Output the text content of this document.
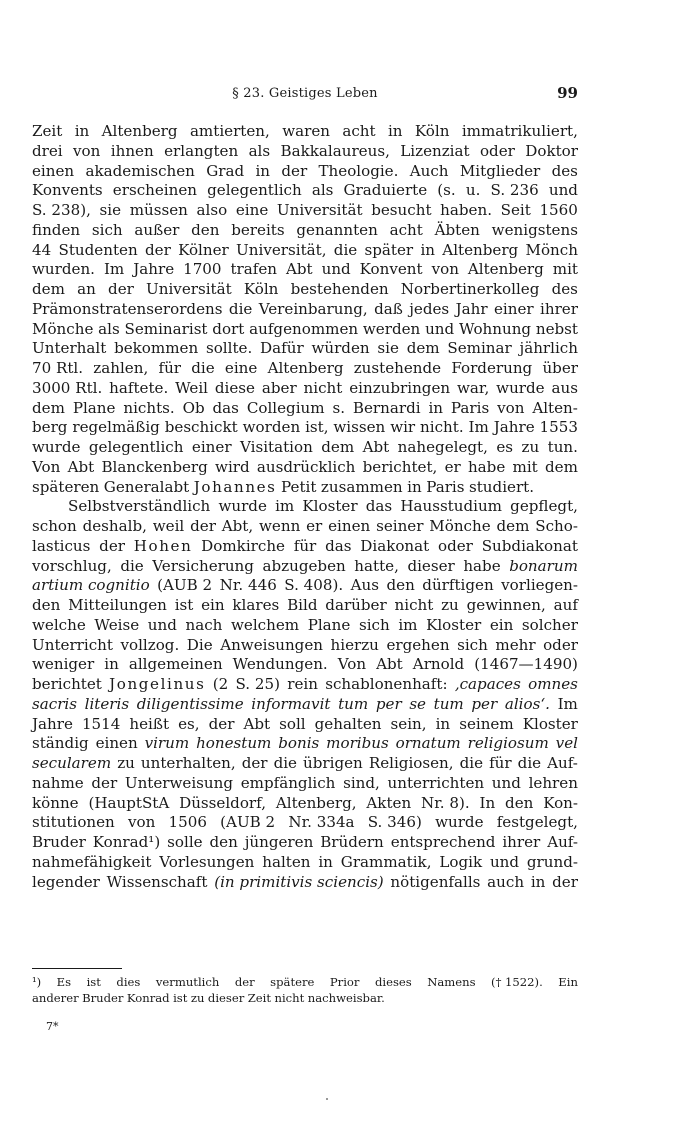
§ 23. Geistiges Leben	99
Zeit in Altenberg amtierten, waren acht in Köln immatrikuliert,
drei von ihnen erlangten als Bakkalaureus, Lizenziat oder Doktor
einen akademischen Grad in der Theologie. Auch Mitglieder des
Konvents erscheinen gelegentlich als Graduierte (s. u. S. 236 und
S. 238), sie müssen also eine Universität besucht haben. Seit 1560
finden sich außer den bereits genannten acht Äbten wenigstens
44 Studenten der Kölner Universität, die später in Altenberg Mönch
wurden. Im Jahre 1700 trafen Abt und Konvent von Altenberg mit
dem an der Universität Köln bestehenden Norbertinerkolleg des
Prämonstratenserordens die Vereinbarung, daß jedes Jahr einer ihrer
Mönche als Seminarist dort aufgenommen werden und Wohnung nebst
Unterhalt bekommen sollte. Dafür würden sie dem Seminar jährlich
70 Rtl. zahlen, für die eine Altenberg zustehende Forderung über
3000 Rtl. haftete. Weil diese aber nicht einzubringen war, wurde aus
dem Plane nichts. Ob das Collegium s. Bernardi in Paris von Alten-
berg regelmäßig beschickt worden ist, wissen wir nicht. Im Jahre 1553
wurde gelegentlich einer Visitation dem Abt nahegelegt, es zu tun.
Von Abt Blanckenberg wird ausdrücklich berichtet, er habe mit dem
späteren Generalabt Johannes Petit zusammen in Paris studiert.
Selbstverständlich wurde im Kloster das Hausstudium gepflegt,
schon deshalb, weil der Abt, wenn er einen seiner Mönche dem Scho-
lasticus der Hohen Domkirche für das Diakonat oder Subdiakonat
vorschlug, die Versicherung abzugeben hatte, dieser habe bonarum
artium cognitio (AUB 2 Nr. 446 S. 408). Aus den dürftigen vorliegen-
den Mitteilungen ist ein klares Bild darüber nicht zu gewinnen, auf
welche Weise und nach welchem Plane sich im Kloster ein solcher
Unterricht vollzog. Die Anweisungen hierzu ergehen sich mehr oder
weniger in allgemeinen Wendungen. Von Abt Arnold (1467—1490)
berichtet Jongelinus (2 S. 25) rein schablonenhaft: ‚capaces omnes
sacris literis diligentissime informavit tum per se tum per alios‘. Im
Jahre 1514 heißt es, der Abt soll gehalten sein, in seinem Kloster
ständig einen virum honestum bonis moribus ornatum religiosum vel
secularem zu unterhalten, der die übrigen Religiosen, die für die Auf-
nahme der Unterweisung empfänglich sind, unterrichten und lehren
könne (HauptStA Düsseldorf, Altenberg, Akten Nr. 8). In den Kon-
stitutionen von 1506 (AUB 2 Nr. 334a S. 346) wurde festgelegt,
Bruder Konrad¹) solle den jüngeren Brüdern entsprechend ihrer Auf-
nahmefähigkeit Vorlesungen halten in Grammatik, Logik und grund-
legender Wissenschaft (in primitivis sciencis) nötigenfalls auch in der
¹) Es ist dies vermutlich der spätere Prior dieses Namens († 1522). Ein
anderer Bruder Konrad ist zu dieser Zeit nicht nachweisbar.
7*
